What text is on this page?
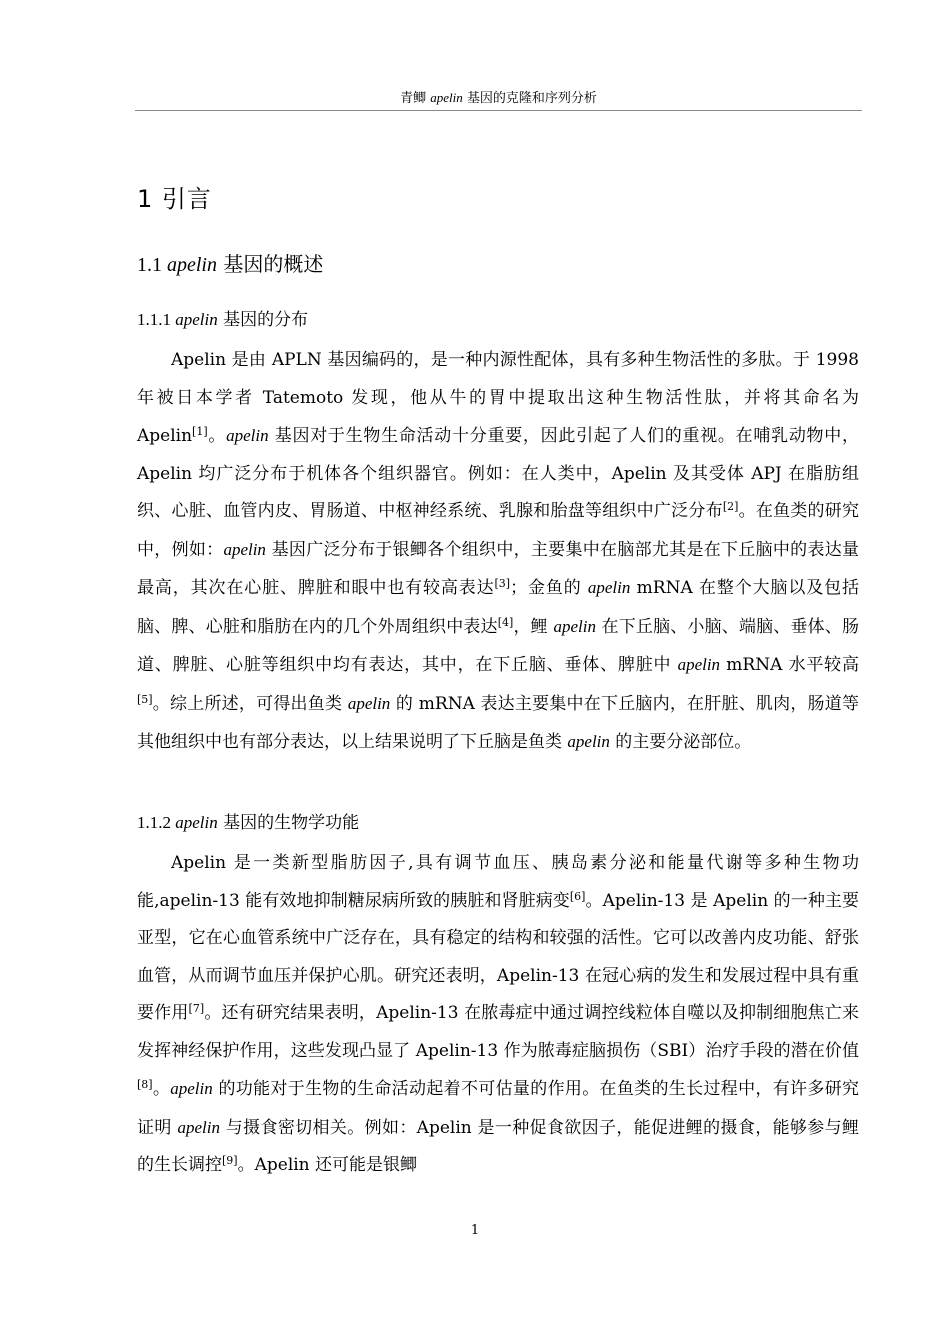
青鲫 apelin 基因的克隆和序列分析
1 引言
1.1 apelin 基因的概述
1.1.1 apelin 基因的分布

Apelin 是由 APLN 基因编码的，是一种内源性配体，具有多种生物活性的多肽。于 1998 年被日本学者 Tatemoto 发现，他从牛的胃中提取出这种生物活性肽，并将其命名为 Apelin[1]。apelin 基因对于生物生命活动十分重要，因此引起了人们的重视。在哺乳动物中，Apelin 均广泛分布于机体各个组织器官。例如：在人类中，Apelin 及其受体 APJ 在脂肪组织、心脏、血管内皮、胃肠道、中枢神经系统、乳腺和胎盘等组织中广泛分布[2]。在鱼类的研究中，例如：apelin 基因广泛分布于银鲫各个组织中，主要集中在脑部尤其是在下丘脑中的表达量最高，其次在心脏、脾脏和眼中也有较高表达[3]；金鱼的 apelin mRNA 在整个大脑以及包括脑、脾、心脏和脂肪在内的几个外周组织中表达[4]，鲤 apelin 在下丘脑、小脑、端脑、垂体、肠道、脾脏、心脏等组织中均有表达，其中，在下丘脑、垂体、脾脏中 apelin mRNA 水平较高[5]。综上所述，可得出鱼类 apelin 的 mRNA 表达主要集中在下丘脑内，在肝脏、肌肉，肠道等其他组织中也有部分表达，以上结果说明了下丘脑是鱼类 apelin 的主要分泌部位。

1.1.2 apelin 基因的生物学功能

Apelin 是一类新型脂肪因子,具有调节血压、胰岛素分泌和能量代谢等多种生物功能,apelin-13 能有效地抑制糖尿病所致的胰脏和肾脏病变[6]。Apelin-13 是 Apelin 的一种主要亚型，它在心血管系统中广泛存在，具有稳定的结构和较强的活性。它可以改善内皮功能、舒张血管，从而调节血压并保护心肌。研究还表明，Apelin-13 在冠心病的发生和发展过程中具有重要作用[7]。还有研究结果表明，Apelin-13 在脓毒症中通过调控线粒体自噬以及抑制细胞焦亡来发挥神经保护作用，这些发现凸显了 Apelin-13 作为脓毒症脑损伤（SBI）治疗手段的潜在价值[8]。apelin 的功能对于生物的生命活动起着不可估量的作用。在鱼类的生长过程中，有许多研究证明 apelin 与摄食密切相关。例如：Apelin 是一种促食欲因子，能促进鲤的摄食，能够参与鲤的生长调控[9]。Apelin 还可能是银鲫

1
